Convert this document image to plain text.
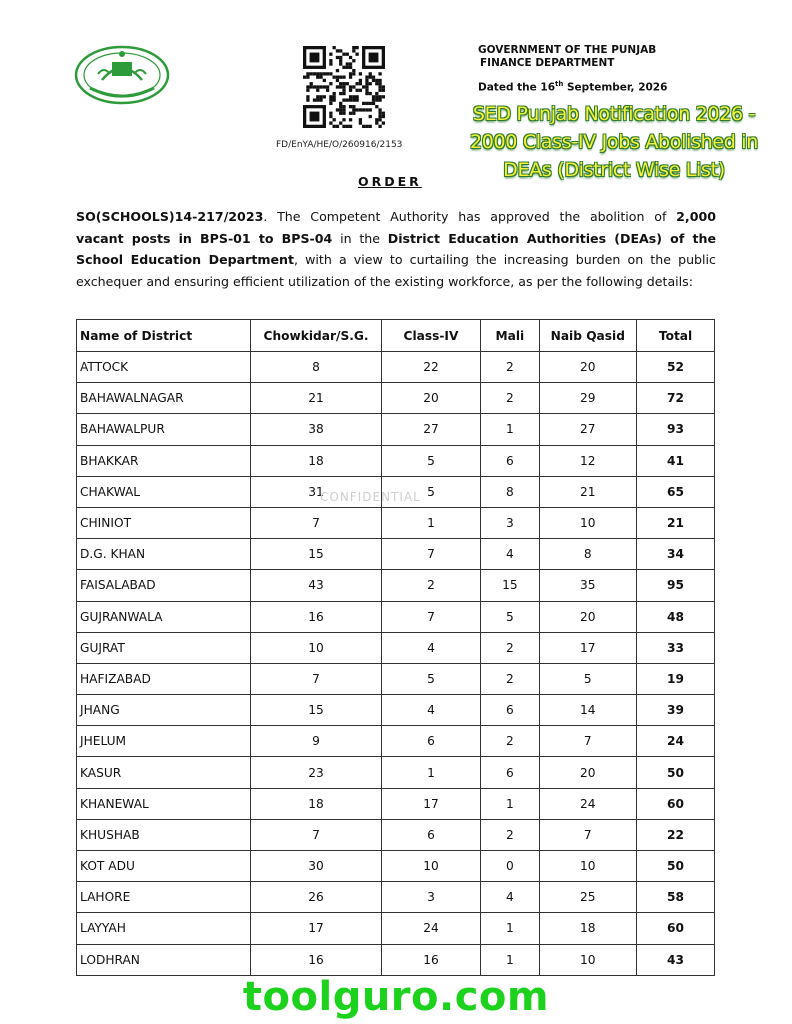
FD/EnYA/HE/O/260916/2153
GOVERNMENT OF THE PUNJAB
FINANCE DEPARTMENT
Dated the 16th September, 2026
SED Punjab Notification 2026 - 2000 Class-IV Jobs Abolished in DEAs (District Wise List)
ORDER
SO(SCHOOLS)14-217/2023. The Competent Authority has approved the abolition of 2,000 vacant posts in BPS-01 to BPS-04 in the District Education Authorities (DEAs) of the School Education Department, with a view to curtailing the increasing burden on the public exchequer and ensuring efficient utilization of the existing workforce, as per the following details:
Name of District	Chowkidar/S.G.	Class-IV	Mali	Naib Qasid	Total
ATTOCK	8	22	2	20	52
BAHAWALNAGAR	21	20	2	29	72
BAHAWALPUR	38	27	1	27	93
BHAKKAR	18	5	6	12	41
CHAKWAL	31	5	8	21	65
CHINIOT	7	1	3	10	21
D.G. KHAN	15	7	4	8	34
FAISALABAD	43	2	15	35	95
GUJRANWALA	16	7	5	20	48
GUJRAT	10	4	2	17	33
HAFIZABAD	7	5	2	5	19
JHANG	15	4	6	14	39
JHELUM	9	6	2	7	24
KASUR	23	1	6	20	50
KHANEWAL	18	17	1	24	60
KHUSHAB	7	6	2	7	22
KOT ADU	30	10	0	10	50
LAHORE	26	3	4	25	58
LAYYAH	17	24	1	18	60
LODHRAN	16	16	1	10	43
CONFIDENTIAL
toolguro.com
